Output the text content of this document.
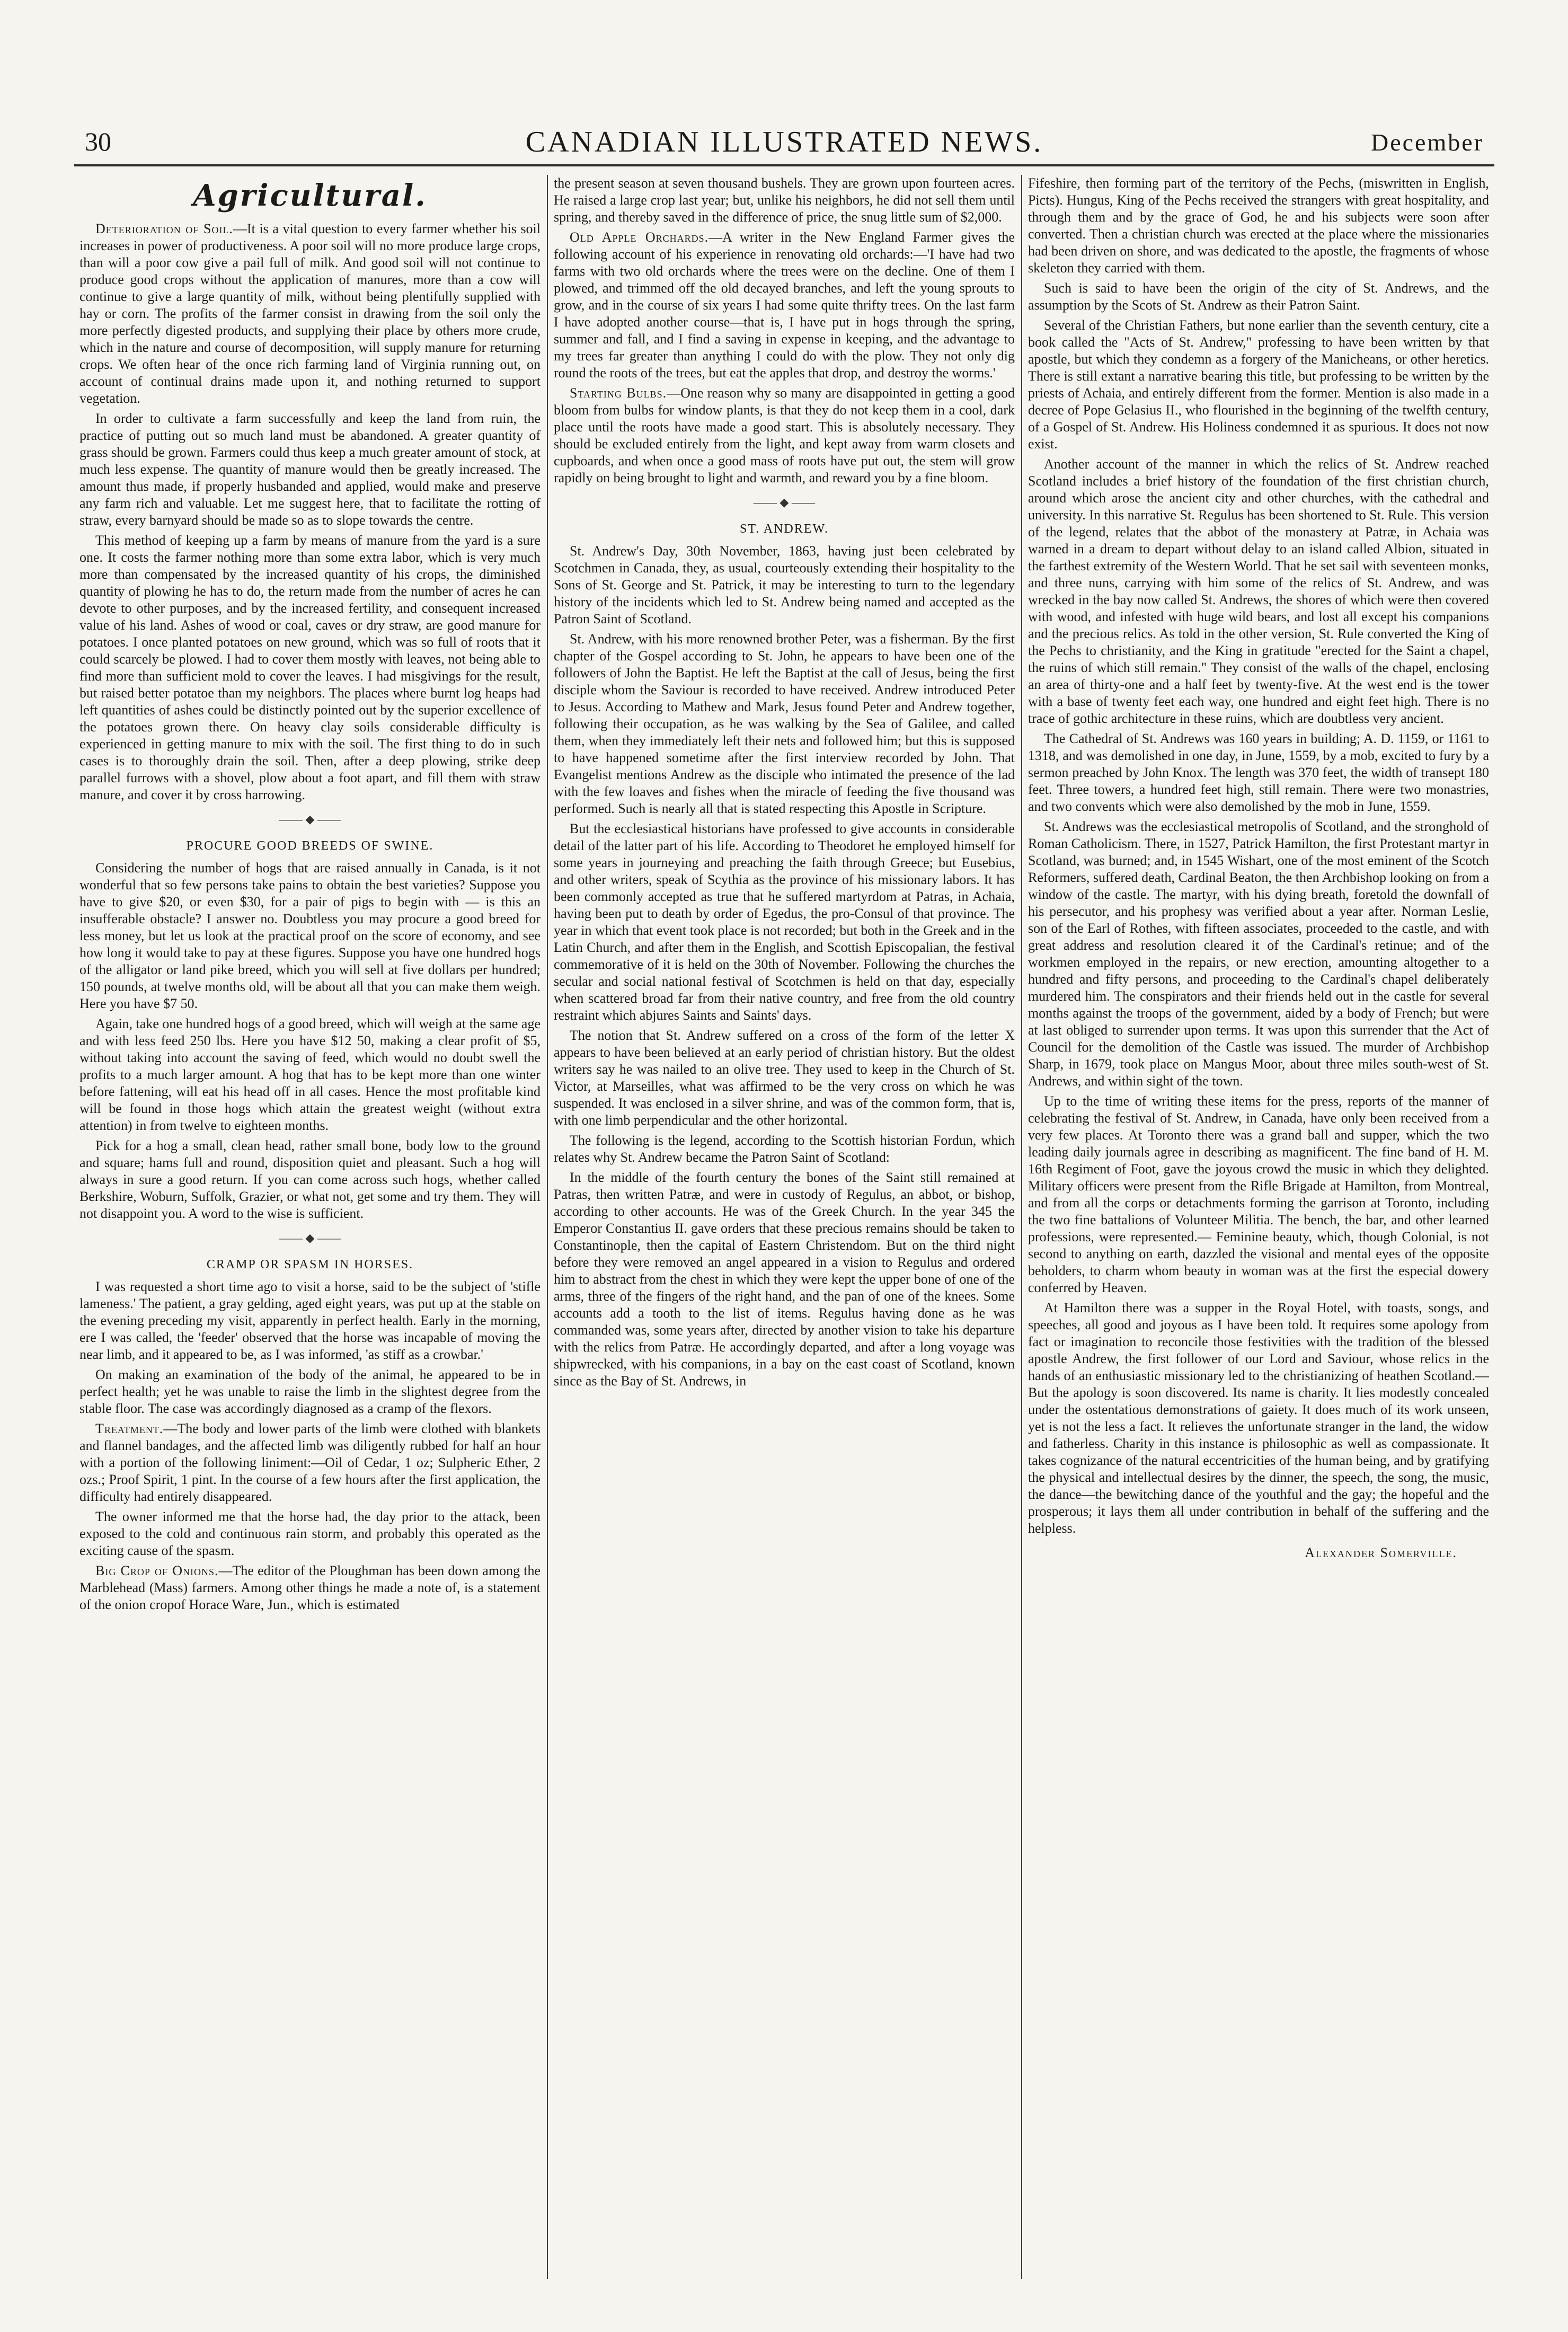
30	CANADIAN ILLUSTRATED NEWS.	December
Agricultural.

Deterioration of Soil.—It is a vital question to every farmer whether his soil increases in power of productiveness. A poor soil will no more produce large crops, than will a poor cow give a pail full of milk. And good soil will not continue to produce good crops without the application of manures, more than a cow will continue to give a large quantity of milk, without being plentifully supplied with hay or corn. The profits of the farmer consist in drawing from the soil only the more perfectly digested products, and supplying their place by others more crude, which in the nature and course of decomposition, will supply manure for returning crops. We often hear of the once rich farming land of Virginia running out, on account of continual drains made upon it, and nothing returned to support vegetation.

In order to cultivate a farm successfully and keep the land from ruin, the practice of putting out so much land must be abandoned. A greater quantity of grass should be grown. Farmers could thus keep a much greater amount of stock, at much less expense. The quantity of manure would then be greatly increased. The amount thus made, if properly husbanded and applied, would make and preserve any farm rich and valuable. Let me suggest here, that to facilitate the rotting of straw, every barnyard should be made so as to slope towards the centre.

This method of keeping up a farm by means of manure from the yard is a sure one. It costs the farmer nothing more than some extra labor, which is very much more than compensated by the increased quantity of his crops, the diminished quantity of plowing he has to do, the return made from the number of acres he can devote to other purposes, and by the increased fertility, and consequent increased value of his land. Ashes of wood or coal, caves or dry straw, are good manure for potatoes. I once planted potatoes on new ground, which was so full of roots that it could scarcely be plowed. I had to cover them mostly with leaves, not being able to find more than sufficient mold to cover the leaves. I had misgivings for the result, but raised better potatoe than my neighbors. The places where burnt log heaps had left quantities of ashes could be distinctly pointed out by the superior excellence of the potatoes grown there. On heavy clay soils considerable difficulty is experienced in getting manure to mix with the soil. The first thing to do in such cases is to thoroughly drain the soil. Then, after a deep plowing, strike deep parallel furrows with a shovel, plow about a foot apart, and fill them with straw manure, and cover it by cross harrowing.

—— ◆ ——
PROCURE GOOD BREEDS OF SWINE.

Considering the number of hogs that are raised annually in Canada, is it not wonderful that so few persons take pains to obtain the best varieties? Suppose you have to give $20, or even $30, for a pair of pigs to begin with — is this an insufferable obstacle? I answer no. Doubtless you may procure a good breed for less money, but let us look at the practical proof on the score of economy, and see how long it would take to pay at these figures. Suppose you have one hundred hogs of the alligator or land pike breed, which you will sell at five dollars per hundred; 150 pounds, at twelve months old, will be about all that you can make them weigh. Here you have $7 50.

Again, take one hundred hogs of a good breed, which will weigh at the same age and with less feed 250 lbs. Here you have $12 50, making a clear profit of $5, without taking into account the saving of feed, which would no doubt swell the profits to a much larger amount. A hog that has to be kept more than one winter before fattening, will eat his head off in all cases. Hence the most profitable kind will be found in those hogs which attain the greatest weight (without extra attention) in from twelve to eighteen months.

Pick for a hog a small, clean head, rather small bone, body low to the ground and square; hams full and round, disposition quiet and pleasant. Such a hog will always in sure a good return. If you can come across such hogs, whether called Berkshire, Woburn, Suffolk, Grazier, or what not, get some and try them. They will not disappoint you. A word to the wise is sufficient.

—— ◆ ——
CRAMP OR SPASM IN HORSES.

I was requested a short time ago to visit a horse, said to be the subject of 'stifle lameness.' The patient, a gray gelding, aged eight years, was put up at the stable on the evening preceding my visit, apparently in perfect health. Early in the morning, ere I was called, the 'feeder' observed that the horse was incapable of moving the near limb, and it appeared to be, as I was informed, 'as stiff as a crowbar.'

On making an examination of the body of the animal, he appeared to be in perfect health; yet he was unable to raise the limb in the slightest degree from the stable floor. The case was accordingly diagnosed as a cramp of the flexors.

Treatment.—The body and lower parts of the limb were clothed with blankets and flannel bandages, and the affected limb was diligently rubbed for half an hour with a portion of the following liniment:—Oil of Cedar, 1 oz; Sulpheric Ether, 2 ozs.; Proof Spirit, 1 pint. In the course of a few hours after the first application, the difficulty had entirely disappeared.

The owner informed me that the horse had, the day prior to the attack, been exposed to the cold and continuous rain storm, and probably this operated as the exciting cause of the spasm.

Big Crop of Onions.—The editor of the Ploughman has been down among the Marblehead (Mass) farmers. Among other things he made a note of, is a statement of the onion cropof Horace Ware, Jun., which is estimated

the present season at seven thousand bushels. They are grown upon fourteen acres. He raised a large crop last year; but, unlike his neighbors, he did not sell them until spring, and thereby saved in the difference of price, the snug little sum of $2,000.

Old Apple Orchards.—A writer in the New England Farmer gives the following account of his experience in renovating old orchards:—'I have had two farms with two old orchards where the trees were on the decline. One of them I plowed, and trimmed off the old decayed branches, and left the young sprouts to grow, and in the course of six years I had some quite thrifty trees. On the last farm I have adopted another course—that is, I have put in hogs through the spring, summer and fall, and I find a saving in expense in keeping, and the advantage to my trees far greater than anything I could do with the plow. They not only dig round the roots of the trees, but eat the apples that drop, and destroy the worms.'

Starting Bulbs.—One reason why so many are disappointed in getting a good bloom from bulbs for window plants, is that they do not keep them in a cool, dark place until the roots have made a good start. This is absolutely necessary. They should be excluded entirely from the light, and kept away from warm closets and cupboards, and when once a good mass of roots have put out, the stem will grow rapidly on being brought to light and warmth, and reward you by a fine bloom.

—— ◆ ——
ST. ANDREW.

St. Andrew's Day, 30th November, 1863, having just been celebrated by Scotchmen in Canada, they, as usual, courteously extending their hospitality to the Sons of St. George and St. Patrick, it may be interesting to turn to the legendary history of the incidents which led to St. Andrew being named and accepted as the Patron Saint of Scotland.

St. Andrew, with his more renowned brother Peter, was a fisherman. By the first chapter of the Gospel according to St. John, he appears to have been one of the followers of John the Baptist. He left the Baptist at the call of Jesus, being the first disciple whom the Saviour is recorded to have received. Andrew introduced Peter to Jesus. According to Mathew and Mark, Jesus found Peter and Andrew together, following their occupation, as he was walking by the Sea of Galilee, and called them, when they immediately left their nets and followed him; but this is supposed to have happened sometime after the first interview recorded by John. That Evangelist mentions Andrew as the disciple who intimated the presence of the lad with the few loaves and fishes when the miracle of feeding the five thousand was performed. Such is nearly all that is stated respecting this Apostle in Scripture.

But the ecclesiastical historians have professed to give accounts in considerable detail of the latter part of his life. According to Theodoret he employed himself for some years in journeying and preaching the faith through Greece; but Eusebius, and other writers, speak of Scythia as the province of his missionary labors. It has been commonly accepted as true that he suffered martyrdom at Patras, in Achaia, having been put to death by order of Egedus, the pro-Consul of that province. The year in which that event took place is not recorded; but both in the Greek and in the Latin Church, and after them in the English, and Scottish Episcopalian, the festival commemorative of it is held on the 30th of November. Following the churches the secular and social national festival of Scotchmen is held on that day, especially when scattered broad far from their native country, and free from the old country restraint which abjures Saints and Saints' days.

The notion that St. Andrew suffered on a cross of the form of the letter X appears to have been believed at an early period of christian history. But the oldest writers say he was nailed to an olive tree. They used to keep in the Church of St. Victor, at Marseilles, what was affirmed to be the very cross on which he was suspended. It was enclosed in a silver shrine, and was of the common form, that is, with one limb perpendicular and the other horizontal.

The following is the legend, according to the Scottish historian Fordun, which relates why St. Andrew became the Patron Saint of Scotland:

In the middle of the fourth century the bones of the Saint still remained at Patras, then written Patræ, and were in custody of Regulus, an abbot, or bishop, according to other accounts. He was of the Greek Church. In the year 345 the Emperor Constantius II. gave orders that these precious remains should be taken to Constantinople, then the capital of Eastern Christendom. But on the third night before they were removed an angel appeared in a vision to Regulus and ordered him to abstract from the chest in which they were kept the upper bone of one of the arms, three of the fingers of the right hand, and the pan of one of the knees. Some accounts add a tooth to the list of items. Regulus having done as he was commanded was, some years after, directed by another vision to take his departure with the relics from Patræ. He accordingly departed, and after a long voyage was shipwrecked, with his companions, in a bay on the east coast of Scotland, known since as the Bay of St. Andrews, in

Fifeshire, then forming part of the territory of the Pechs, (miswritten in English, Picts). Hungus, King of the Pechs received the strangers with great hospitality, and through them and by the grace of God, he and his subjects were soon after converted. Then a christian church was erected at the place where the missionaries had been driven on shore, and was dedicated to the apostle, the fragments of whose skeleton they carried with them.

Such is said to have been the origin of the city of St. Andrews, and the assumption by the Scots of St. Andrew as their Patron Saint.

Several of the Christian Fathers, but none earlier than the seventh century, cite a book called the "Acts of St. Andrew," professing to have been written by that apostle, but which they condemn as a forgery of the Manicheans, or other heretics. There is still extant a narrative bearing this title, but professing to be written by the priests of Achaia, and entirely different from the former. Mention is also made in a decree of Pope Gelasius II., who flourished in the beginning of the twelfth century, of a Gospel of St. Andrew. His Holiness condemned it as spurious. It does not now exist.

Another account of the manner in which the relics of St. Andrew reached Scotland includes a brief history of the foundation of the first christian church, around which arose the ancient city and other churches, with the cathedral and university. In this narrative St. Regulus has been shortened to St. Rule. This version of the legend, relates that the abbot of the monastery at Patræ, in Achaia was warned in a dream to depart without delay to an island called Albion, situated in the farthest extremity of the Western World. That he set sail with seventeen monks, and three nuns, carrying with him some of the relics of St. Andrew, and was wrecked in the bay now called St. Andrews, the shores of which were then covered with wood, and infested with huge wild bears, and lost all except his companions and the precious relics. As told in the other version, St. Rule converted the King of the Pechs to christianity, and the King in gratitude "erected for the Saint a chapel, the ruins of which still remain." They consist of the walls of the chapel, enclosing an area of thirty-one and a half feet by twenty-five. At the west end is the tower with a base of twenty feet each way, one hundred and eight feet high. There is no trace of gothic architecture in these ruins, which are doubtless very ancient.

The Cathedral of St. Andrews was 160 years in building; A. D. 1159, or 1161 to 1318, and was demolished in one day, in June, 1559, by a mob, excited to fury by a sermon preached by John Knox. The length was 370 feet, the width of transept 180 feet. Three towers, a hundred feet high, still remain. There were two monastries, and two convents which were also demolished by the mob in June, 1559.

St. Andrews was the ecclesiastical metropolis of Scotland, and the stronghold of Roman Catholicism. There, in 1527, Patrick Hamilton, the first Protestant martyr in Scotland, was burned; and, in 1545 Wishart, one of the most eminent of the Scotch Reformers, suffered death, Cardinal Beaton, the then Archbishop looking on from a window of the castle. The martyr, with his dying breath, foretold the downfall of his persecutor, and his prophesy was verified about a year after. Norman Leslie, son of the Earl of Rothes, with fifteen associates, proceeded to the castle, and with great address and resolution cleared it of the Cardinal's retinue; and of the workmen employed in the repairs, or new erection, amounting altogether to a hundred and fifty persons, and proceeding to the Cardinal's chapel deliberately murdered him. The conspirators and their friends held out in the castle for several months against the troops of the government, aided by a body of French; but were at last obliged to surrender upon terms. It was upon this surrender that the Act of Council for the demolition of the Castle was issued. The murder of Archbishop Sharp, in 1679, took place on Mangus Moor, about three miles south-west of St. Andrews, and within sight of the town.

Up to the time of writing these items for the press, reports of the manner of celebrating the festival of St. Andrew, in Canada, have only been received from a very few places. At Toronto there was a grand ball and supper, which the two leading daily journals agree in describing as magnificent. The fine band of H. M. 16th Regiment of Foot, gave the joyous crowd the music in which they delighted. Military officers were present from the Rifle Brigade at Hamilton, from Montreal, and from all the corps or detachments forming the garrison at Toronto, including the two fine battalions of Volunteer Militia. The bench, the bar, and other learned professions, were represented.— Feminine beauty, which, though Colonial, is not second to anything on earth, dazzled the visional and mental eyes of the opposite beholders, to charm whom beauty in woman was at the first the especial dowery conferred by Heaven.

At Hamilton there was a supper in the Royal Hotel, with toasts, songs, and speeches, all good and joyous as I have been told. It requires some apology from fact or imagination to reconcile those festivities with the tradition of the blessed apostle Andrew, the first follower of our Lord and Saviour, whose relics in the hands of an enthusiastic missionary led to the christianizing of heathen Scotland.— But the apology is soon discovered. Its name is charity. It lies modestly concealed under the ostentatious demonstrations of gaiety. It does much of its work unseen, yet is not the less a fact. It relieves the unfortunate stranger in the land, the widow and fatherless. Charity in this instance is philosophic as well as compassionate. It takes cognizance of the natural eccentricities of the human being, and by gratifying the physical and intellectual desires by the dinner, the speech, the song, the music, the dance—the bewitching dance of the youthful and the gay; the hopeful and the prosperous; it lays them all under contribution in behalf of the suffering and the helpless.

Alexander Somerville.
